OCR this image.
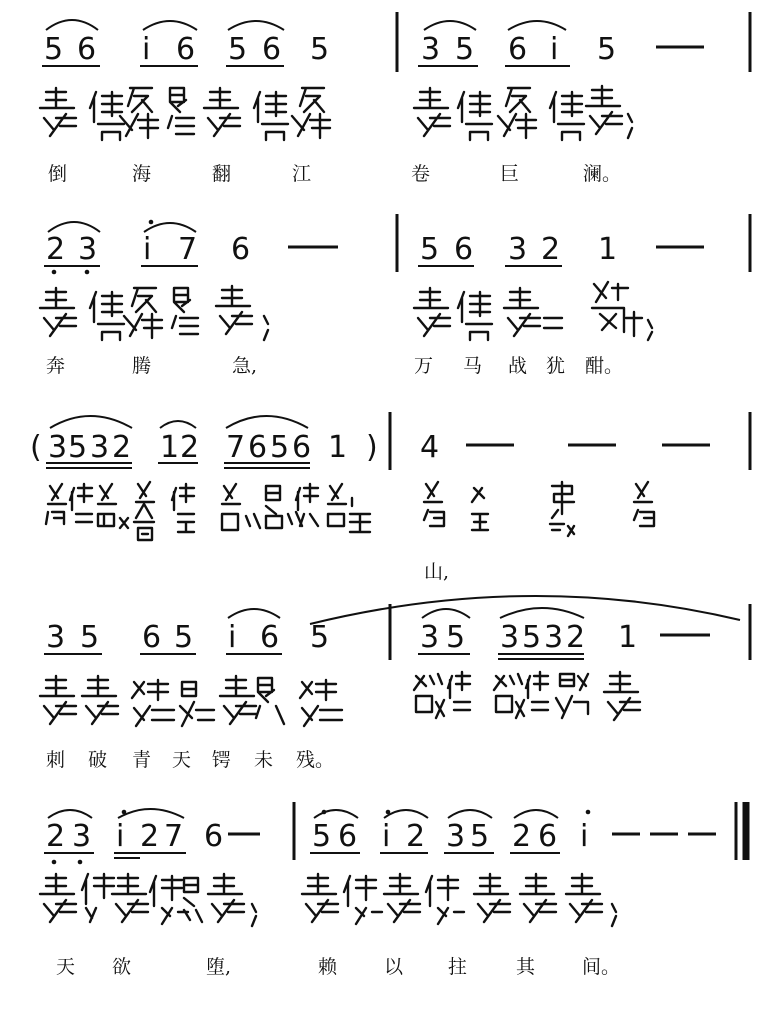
5 6 i 6 5 6 5	3 5 6 i 5
倒	海	翻	江	卷	巨	澜。
2 3 i 7 6	5 6 3 2 1
奔	腾	急,	万 马 战 犹 酣。
( 3 5 3 2 1 2 7 6 5 6 1 ) 4
山,
3 5 6 5 i 6 5	3 5 3 5 3 2 1
刺 破 青 天 锷 未 残。
2 3 i 2 7 6	5 6 i 2 3 5 2 6 i
天 欲	堕,	赖 以 拄	其 间。
